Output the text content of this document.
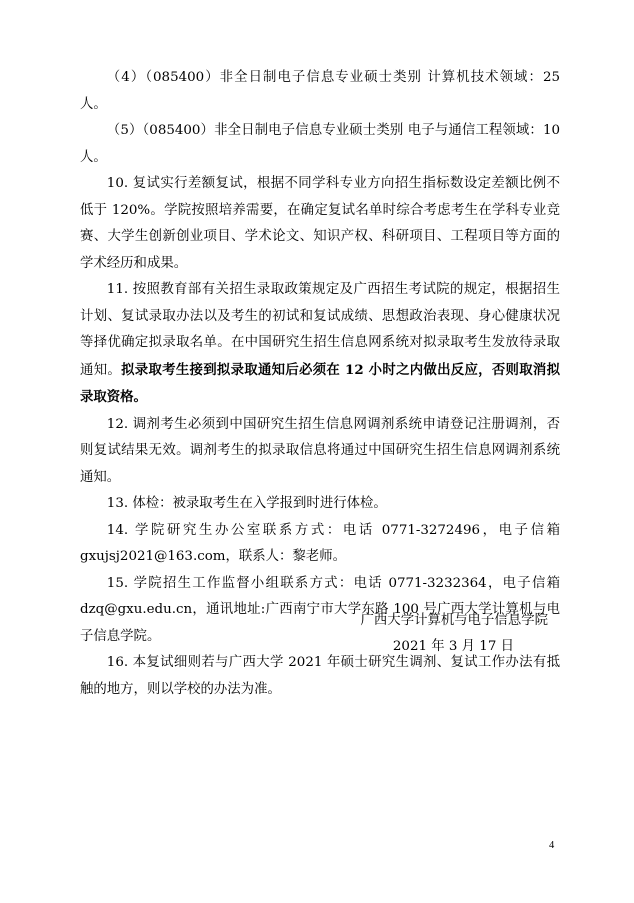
（4）（085400）非全日制电子信息专业硕士类别 计算机技术领域：25 人。

（5）（085400）非全日制电子信息专业硕士类别 电子与通信工程领域：10 人。

10. 复试实行差额复试，根据不同学科专业方向招生指标数设定差额比例不低于 120%。学院按照培养需要，在确定复试名单时综合考虑考生在学科专业竞赛、大学生创新创业项目、学术论文、知识产权、科研项目、工程项目等方面的学术经历和成果。

11. 按照教育部有关招生录取政策规定及广西招生考试院的规定，根据招生计划、复试录取办法以及考生的初试和复试成绩、思想政治表现、身心健康状况等择优确定拟录取名单。在中国研究生招生信息网系统对拟录取考生发放待录取通知。拟录取考生接到拟录取通知后必须在 12 小时之内做出反应，否则取消拟录取资格。

12. 调剂考生必须到中国研究生招生信息网调剂系统申请登记注册调剂，否则复试结果无效。调剂考生的拟录取信息将通过中国研究生招生信息网调剂系统通知。

13. 体检：被录取考生在入学报到时进行体检。

14. 学院研究生办公室联系方式：电话 0771-3272496，电子信箱 gxujsj2021@163.com，联系人：黎老师。

15. 学院招生工作监督小组联系方式：电话 0771-3232364，电子信箱 dzq@gxu.edu.cn，通讯地址:广西南宁市大学东路 100 号广西大学计算机与电子信息学院。

16. 本复试细则若与广西大学 2021 年硕士研究生调剂、复试工作办法有抵触的地方，则以学校的办法为准。

广西大学计算机与电子信息学院
2021 年 3 月 17 日
4
